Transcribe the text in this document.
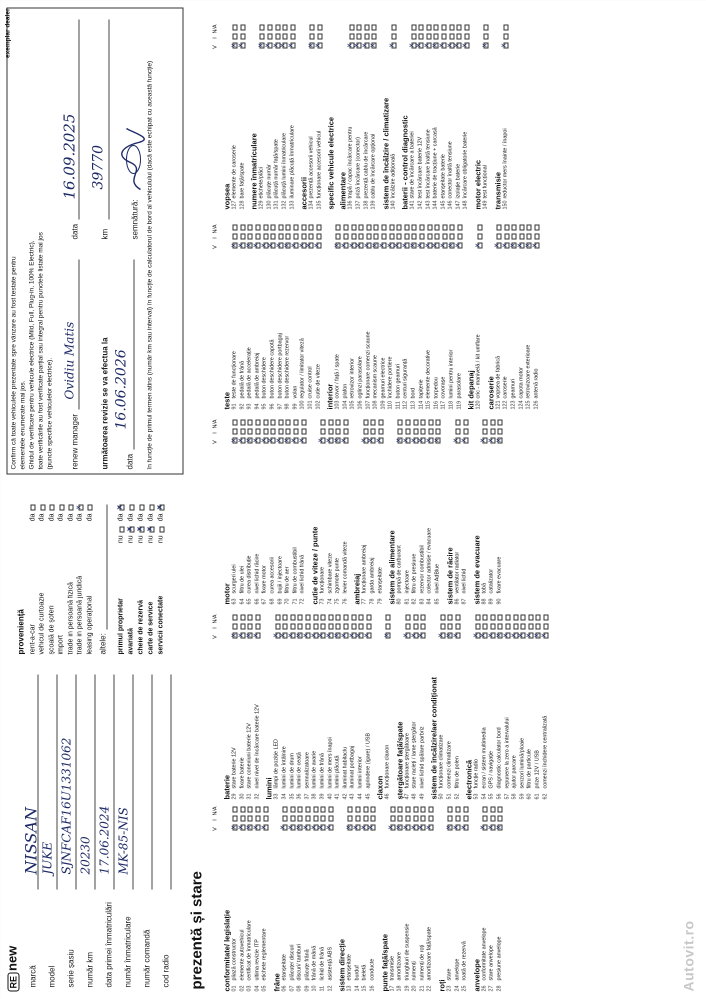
REnew
marcă
NISSAN
model
JUKE
serie șasiu
SJNFCAF16U1331062
număr km
20230
data primei înmatriculări
17.06.2024
număr înmatriculare
MK-85-NIS
număr comandă cod radio
proveniență rent-a-car
da
vehicul de curtoazie
da
școală de șoferi
da
import
da
trade in persoană fizică
da
trade in persoană juridică
da
x
leasing operațional
da
altele: primul proprietar
nu
da
x
avariată
nu
x
da
cheie de rezervă
nu
x
da
carte de service
nu
x
da
servicii conectate
nu
da
x
Confirm că toate vehiculele prezentate spre vânzare au fost testate pentru elementele enumerate mai jos. Ghidul de verificare pentru vehicule electrice (Mild, Full, Plug-in, 100% Electric), toate verificările au fost verificate parțial sau integral pentru punctele listate mai jos (puncte specifice vehiculelor electrice). renew manager
Ovidiu Matis
data
16.09.2025
km
39770
semnătură:
următoarea revizie se va efectua la data
16.06.2026	în funcție de primul termen atins (număr km sau interval) în funcție de calculatorul de bord al vehiculului (dacă este echipat cu această funcție)
prezentă și stare
V
I
N/A
conformitate/ legislație 01
pliază constructor
x
02
elemente autovehicul
x
03
certificat de înmatriculare
x
04
ultima revizie ITP
x
05
etichete reglementare
x
frâne 06
etanșeitate
x
07
plăcuțe/ discuri
x
08
discuri/ tamburi
x
09
plăcuțe frână
x
10
frână de mână
x
11
lichid de frână
x
12
asistență ABS
x sistem direcție 13
etanșeitate
x
14
burduf
x
15
bieletă
x
16
conducte
x punte față/spate 17
transmisie
x
18
amortizoare
x
19
triunghiuri de suspensie
x
20
rulmenți
x
21
rulmenți de roți
x
22
amortizoare față/spate
x
roți 23
stare
x
24
anvelope
x
25
roată de rezervă
x anvelope 26
conformitate anvelope
x
27
stare anvelope
x
28
presiune anvelope
x
V
I
N/A
baterie 29
stare baterie 12V
x
30
fixare baterie
x
31
stare conexiuni baterie 12V
x
32
nivel nivel de încărcare baterie 12V
x lumini 33
lămpi de poziție LED
x
34
lumini de întâlnire
x
35
lumini de drum
x
36
lumini de ceață
x
37
semnalizatoare
x
38
lumini de avarie
x
39
lumini de frână
x
40
lumini de mers înapoi
x
41
lumini plăcuță
x
42
iluminat habitaclu
x
43
iluminat portbagaj
x
44
lumini interior
x
45
aprindere (igare) / USB
x claxon 46
funcționare claxon
x ștergătoare față/spate 47
funcționare ștergătoare
x
48
stare racleți / lame ștergător
x
49
nivel lichid spălare parbriz
x sistem de încălzire/aer condiționat 50
funcționare climatizare
x
51
comenzi climatizare
x
52
filtru de polen
x electronică 53
funcție radio
x
54
ecran / sistem multimedia
x
55
GPS / navigație
x
56
diagnostic calculator bord
x
57
repunere la zero a intervalului
x
58
ajutor parcare
x
59
senzori lumină/ploaie
x
60
filtru de particule
x
61
prize 12V / USB
x
62
comenzi închidere centralizată
x
V
I
N/A
motor 63
scurgeri ulei
x
64
filtru de ulei
x
65
curea distribuție
x
66
nivel lichid răcire
x
67
fixare motor
x
68
curea accesorii
x
69
bujii / injectoare
x
70
filtru de aer
x
71
filtru de combustibil
x
72
nivel lichid frână
x cutie de viteze / punte 73
funcționare
x
74
schimbare viteze
x
75
zgomote punte
x
76
levier comandă viteze
x ambreiaj 77
funcționare ambreiaj
x
78
garda ambreiaj
x
79
etanșeitate
x sistem de alimentare 80
pompă de carburant
x
81
injectoare
x
82
filtru de presiune
x
83
rezervor combustibil
x
84
colector admisie / evacuare
x
85
nivel AdBlue
x sistem de răcire 86
ventilator radiator
x
87
nivel lichid
x sistem de evacuare 88
tobă
x
89
catalizator
x
90
fixare evacuare
x
V
I
N/A
teste 91
teste de funcționare
x
92
pedală de frână
x
93
pedală de accelerație
x
94
pedală de ambreiaj
x
95
buton deschidere
x
96
buton deschidere capotă
x
97
buton deschidere portbagaj
x
98
buton deschidere rezervor
x
99
volan
x
100
regulator / limitator viteză
x
101
cruise control
x
102
cutie de viteze
x interior 103
covor / față / spate
x
104
plafon
x
105
retrovizor interior
x
106
oglinzi parasolare
x
107
funcționare comenzi scaune
x
108
mecanism scaune
x
109
geamuri electrice
x
110
închidere portiere
x
111
buton geamuri
x
112
centuri siguranță
x
113
bord
x
114
tapițerie
x
115
elemente decorative
x
116
torpedou
x
117
covorașe
x
118
lumini pentru interior
x
119
parasolare
x kit depanaj 120
cric - manivelă / kit umflare
x caroserie 121
vopsea de fabrică
x
122
caroserie
x
123
geamuri
x
124
capota motor
x
125
retrovizoare exterioare
x
126
antenă radio
x
V
I
N/A
vopsea 127
elemente de caroserie
x
128
bare față/spate
x numere înmatriculare 129
etichete/plăci
x
130
plăcuțe număr
x
131
plăcuță număr față/spate
x
132
plăcuță lumini înmatriculare
x
133
iluminare plăcuță înmatriculare
x accesorii 134
prezență accesorii vehicul
x
135
funcționare accesorii vehicul
x specific vehicule electrice alimentare 136
trapă / capac încărcare pentru
x
137
priză încărcare (conector)
x
138
prezență cablu de încărcare
x
139
cablu de încărcare opțional
x sistem de încălzire / climatizare 140
încălzire adițională
x baterii - control diagnostic 141
stare de încărcare a bateriei
x
142
test încărcare baterie 12V
x
143
test încărcare înaltă tensiune
x
144
baterie de tracțiune + carcasă
x
145
etanșeitate baterie
x
146
conector înaltă tensiune
x
147
izolație baterie
x
148
încărcare obligatorie baterie
x motor electric 149
test funcțional
x transmisie 150
reductor mers înainte / înapoi
x
exemplar dealer
Autovit.ro
